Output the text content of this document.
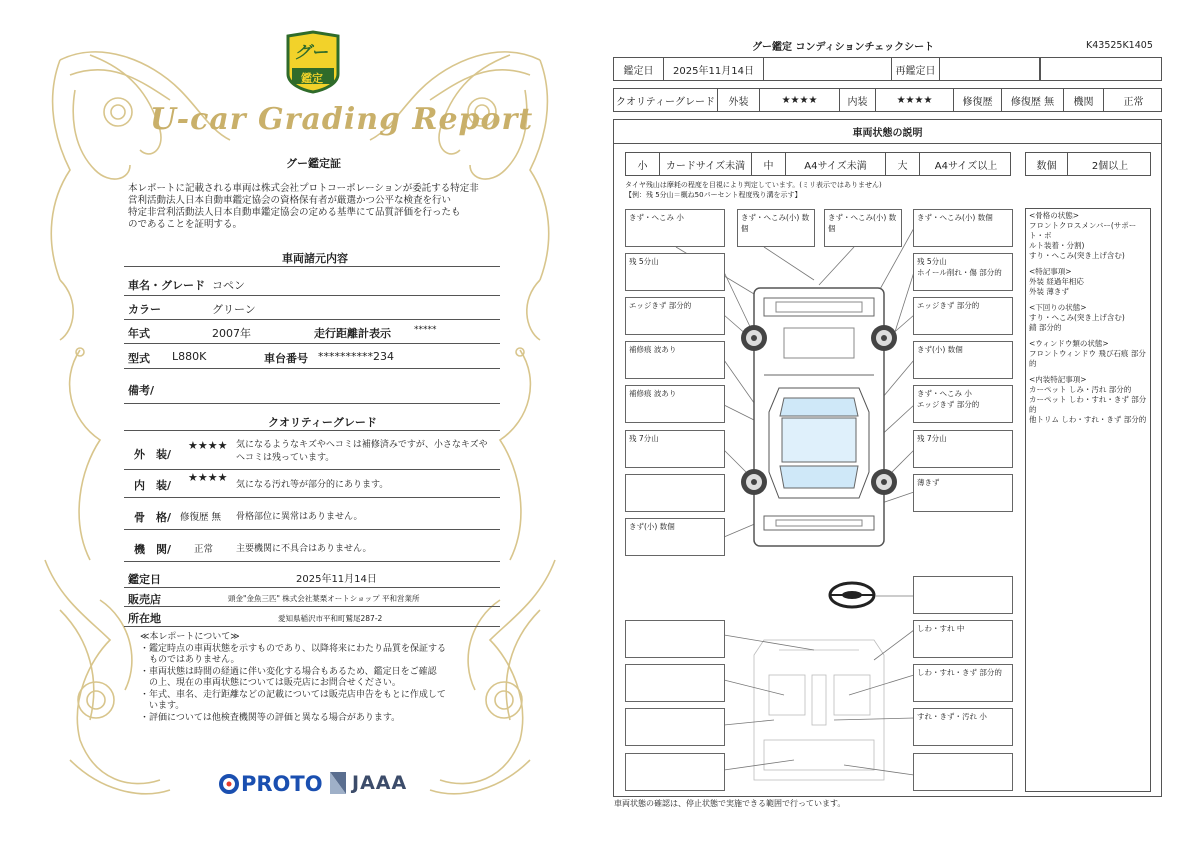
グー
鑑定
U-car Grading Report
グー鑑定証
本レポートに記載される車両は株式会社プロトコーポレーションが委託する特定非
営利活動法人日本自動車鑑定協会の資格保有者が厳選かつ公平な検査を行い
特定非営利活動法人日本自動車鑑定協会の定める基準にて品質評価を行ったも
のであることを証明する。
車両諸元内容
車名・グレード コペン
カラー	グリーン
年式	2007年	走行距離計表示	*****
型式 L880K	車台番号 **********234
備考/
クオリティーグレード
外　装/
★★★★ 気になるようなキズやヘコミは補修済みですが、小さなキズや
ヘコミは残っています。
内　装/
★★★★
気になる汚れ等が部分的にあります。
骨　格/ 修復歴 無 骨格部位に異常はありません。
機　関/ 正常	主要機関に不具合はありません。
鑑定日	2025年11月14日
販売店	頭金"金魚三匹" 株式会社葉栗オートショップ 平和営業所
所在地	愛知県稲沢市平和町鷲尾287-2
≪本レポートについて≫
・鑑定時点の車両状態を示すものであり、以降将来にわたり品質を保証する
　ものではありません。
・車両状態は時間の経過に伴い変化する場合もあるため、鑑定日をご確認
　の上、現在の車両状態については販売店にお問合せください。
・年式、車名、走行距離などの記載については販売店申告をもとに作成して
　います。
・評価については他検査機関等の評価と異なる場合があります。
PROTO JAAA
グー鑑定 コンディションチェックシート	K43525K1405
鑑定日 2025年11月14日	再鑑定日
クオリティーグレード 外装	★★★★	内装	★★★★	修復歴 修復歴 無 機関	正常
車両状態の説明
小 カードサイズ未満 中	A4サイズ未満	大	A4サイズ以上	数個	2個以上
タイヤ残山は摩耗の程度を目視により判定しています。(ミリ表示ではありません)
【例：残 5分山＝概ね50パーセント程度残り溝を示す】
<骨格の状態>
フロントクロスメンバー(サポート・ボ
ルト装着・分割)
すり・へこみ(突き上げ含む)
<特記事項>
外装 経過年相応
外装 薄きず
<下回りの状態>
すり・へこみ(突き上げ含む)
錆 部分的
<ウィンドウ類の状態>
フロントウィンドウ 飛び石痕 部分的
<内装特記事項>
カーペット しみ・汚れ 部分的
カーペット しわ・すれ・きず 部分的
他トリム しわ・すれ・きず 部分的
きず・へこみ 小	きず・へこみ(小) 数個
きず・へこみ(小) 数個
きず・へこみ(小) 数個
残 5分山	残 5分山
ホイール削れ・傷 部分的
エッジきず 部分的	エッジきず 部分的
補修痕 波あり	きず(小) 数個
補修痕 波あり	きず・へこみ 小
エッジきず 部分的
残 7分山	残 7分山
薄きず
きず(小) 数個
しわ・すれ 中
しわ・すれ・きず 部分的
すれ・きず・汚れ 小
車両状態の確認は、停止状態で実施できる範囲で行っています。
